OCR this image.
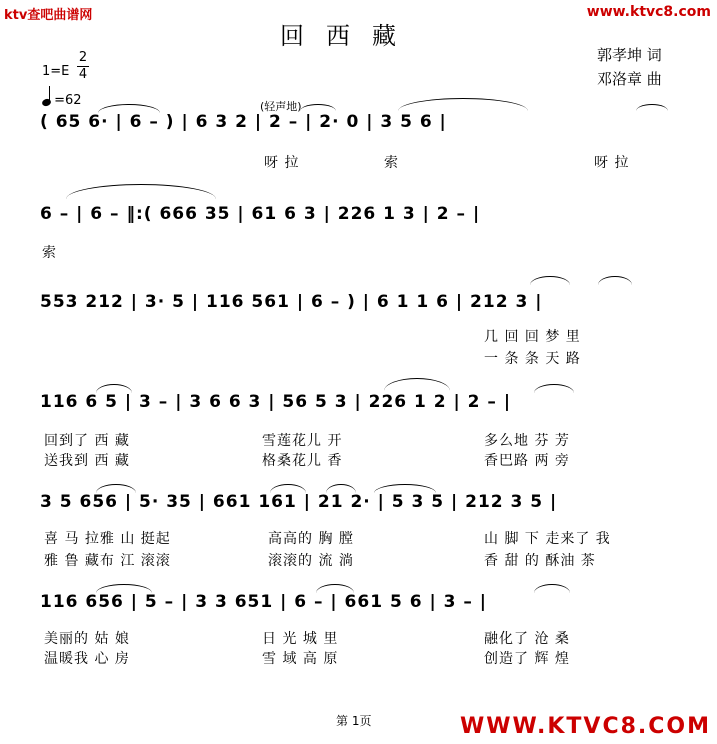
ktv查吧曲谱网	www.ktvc8.com
回西藏
郭孝坤 词
邓洛章 曲
1=E
2
4
=62	(轻声地)
( 65 6· | 6 – ) | 6 3 2 | 2 – | 2· 0 | 3 5 6 |
呀 拉	索	呀 拉
6 – | 6 – ‖:( 666 35 | 61 6 3 | 226 1 3 | 2 – |
索
553 212 | 3· 5 | 116 561 | 6 – ) | 6 1 1 6 | 212 3 |
几 回 回 梦 里
一 条 条 天 路
116 6 5 | 3 – | 3 6 6 3 | 56 5 3 | 226 1 2 | 2 – |
回到了 西 藏	雪莲花儿 开	多么地 芬 芳
送我到 西 藏	格桑花儿 香	香巴路 两 旁
3 5 656 | 5· 35 | 661 161 | 21 2· | 5 3 5 | 212 3 5 |
喜 马 拉雅 山 挺起	高高的 胸 膛	山 脚 下 走来了 我
雅 鲁 藏布 江 滚滚	滚滚的 流 淌	香 甜 的 酥油 茶
116 656 | 5 – | 3 3 651 | 6 – | 661 5 6 | 3 – |
美丽的 姑 娘	日 光 城 里	融化了 沧 桑
温暖我 心 房	雪 域 高 原	创造了 辉 煌
第 1页	WWW.KTVC8.COM
